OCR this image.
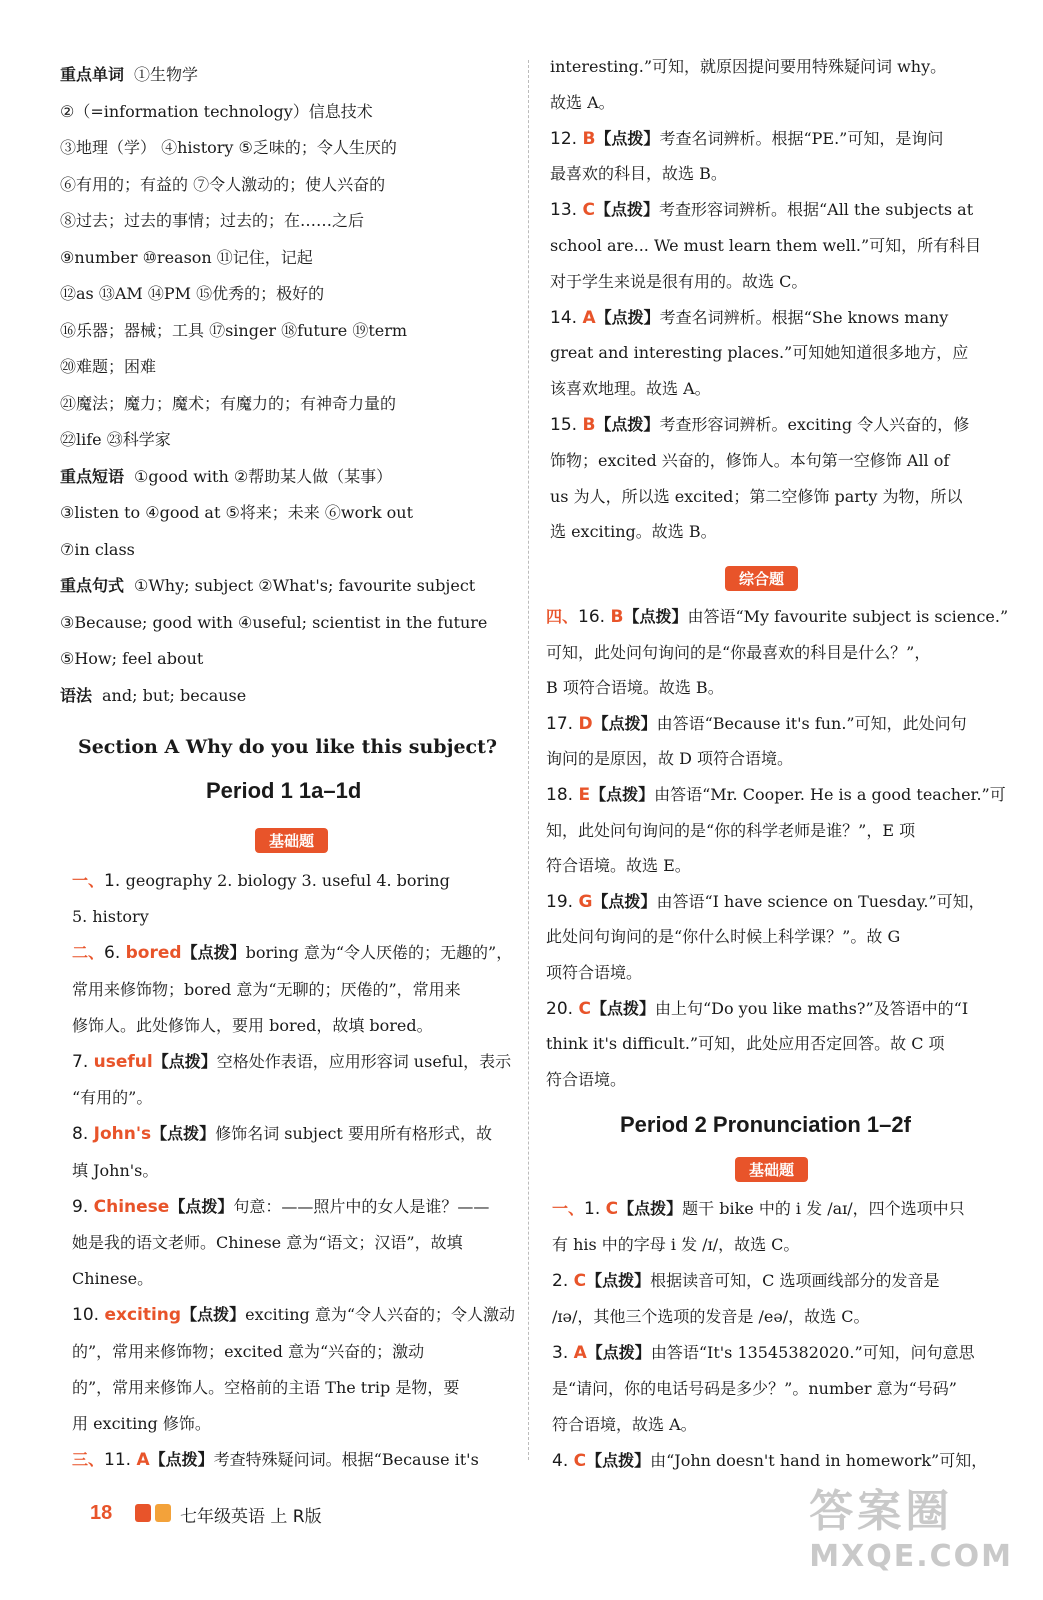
重点单词 ①生物学
②（=information technology）信息技术
③地理（学） ④history ⑤乏味的；令人生厌的
⑥有用的；有益的 ⑦令人激动的；使人兴奋的
⑧过去；过去的事情；过去的；在……之后
⑨number ⑩reason ⑪记住，记起
⑫as ⑬AM ⑭PM ⑮优秀的；极好的
⑯乐器；器械；工具 ⑰singer ⑱future ⑲term
⑳难题；困难
㉑魔法；魔力；魔术；有魔力的；有神奇力量的
㉒life ㉓科学家
重点短语 ①good with ②帮助某人做（某事）
③listen to ④good at ⑤将来；未来 ⑥work out
⑦in class
重点句式 ①Why; subject ②What's; favourite subject
③Because; good with ④useful; scientist in the future
⑤How; feel about
语法 and; but; because
Section A Why do you like this subject?
Period 1 1a–1d
基础题
一、1. geography 2. biology 3. useful 4. boring
5. history
二、6. bored【点拨】boring 意为“令人厌倦的；无趣的”，
常用来修饰物；bored 意为“无聊的；厌倦的”，常用来
修饰人。此处修饰人，要用 bored，故填 bored。
7. useful【点拨】空格处作表语，应用形容词 useful，表示
“有用的”。
8. John's【点拨】修饰名词 subject 要用所有格形式，故
填 John's。
9. Chinese【点拨】句意：——照片中的女人是谁？——
她是我的语文老师。Chinese 意为“语文；汉语”，故填
Chinese。
10. exciting【点拨】exciting 意为“令人兴奋的；令人激动
的”，常用来修饰物；excited 意为“兴奋的；激动
的”，常用来修饰人。空格前的主语 The trip 是物，要
用 exciting 修饰。
三、11. A【点拨】考查特殊疑问词。根据“Because it's
interesting.”可知，就原因提问要用特殊疑问词 why。
故选 A。
12. B【点拨】考查名词辨析。根据“PE.”可知，是询问
最喜欢的科目，故选 B。
13. C【点拨】考查形容词辨析。根据“All the subjects at
school are... We must learn them well.”可知，所有科目
对于学生来说是很有用的。故选 C。
14. A【点拨】考查名词辨析。根据“She knows many
great and interesting places.”可知她知道很多地方，应
该喜欢地理。故选 A。
15. B【点拨】考查形容词辨析。exciting 令人兴奋的，修
饰物；excited 兴奋的，修饰人。本句第一空修饰 All of
us 为人，所以选 excited；第二空修饰 party 为物，所以
选 exciting。故选 B。
综合题
四、16. B【点拨】由答语“My favourite subject is science.”
可知，此处问句询问的是“你最喜欢的科目是什么？”，
B 项符合语境。故选 B。
17. D【点拨】由答语“Because it's fun.”可知，此处问句
询问的是原因，故 D 项符合语境。
18. E【点拨】由答语“Mr. Cooper. He is a good teacher.”可
知，此处问句询问的是“你的科学老师是谁？”，E 项
符合语境。故选 E。
19. G【点拨】由答语“I have science on Tuesday.”可知，
此处问句询问的是“你什么时候上科学课？”。故 G
项符合语境。
20. C【点拨】由上句“Do you like maths?”及答语中的“I
think it's difficult.”可知，此处应用否定回答。故 C 项
符合语境。
Period 2 Pronunciation 1–2f
基础题
一、1. C【点拨】题干 bike 中的 i 发 /aɪ/，四个选项中只
有 his 中的字母 i 发 /ɪ/，故选 C。
2. C【点拨】根据读音可知，C 选项画线部分的发音是
/ɪə/，其他三个选项的发音是 /eə/，故选 C。
3. A【点拨】由答语“It's 13545382020.”可知，问句意思
是“请问，你的电话号码是多少？”。number 意为“号码”
符合语境，故选 A。
4. C【点拨】由“John doesn't hand in homework”可知，
18	七年级英语 上 R版	答案圈
MXQE.COM
